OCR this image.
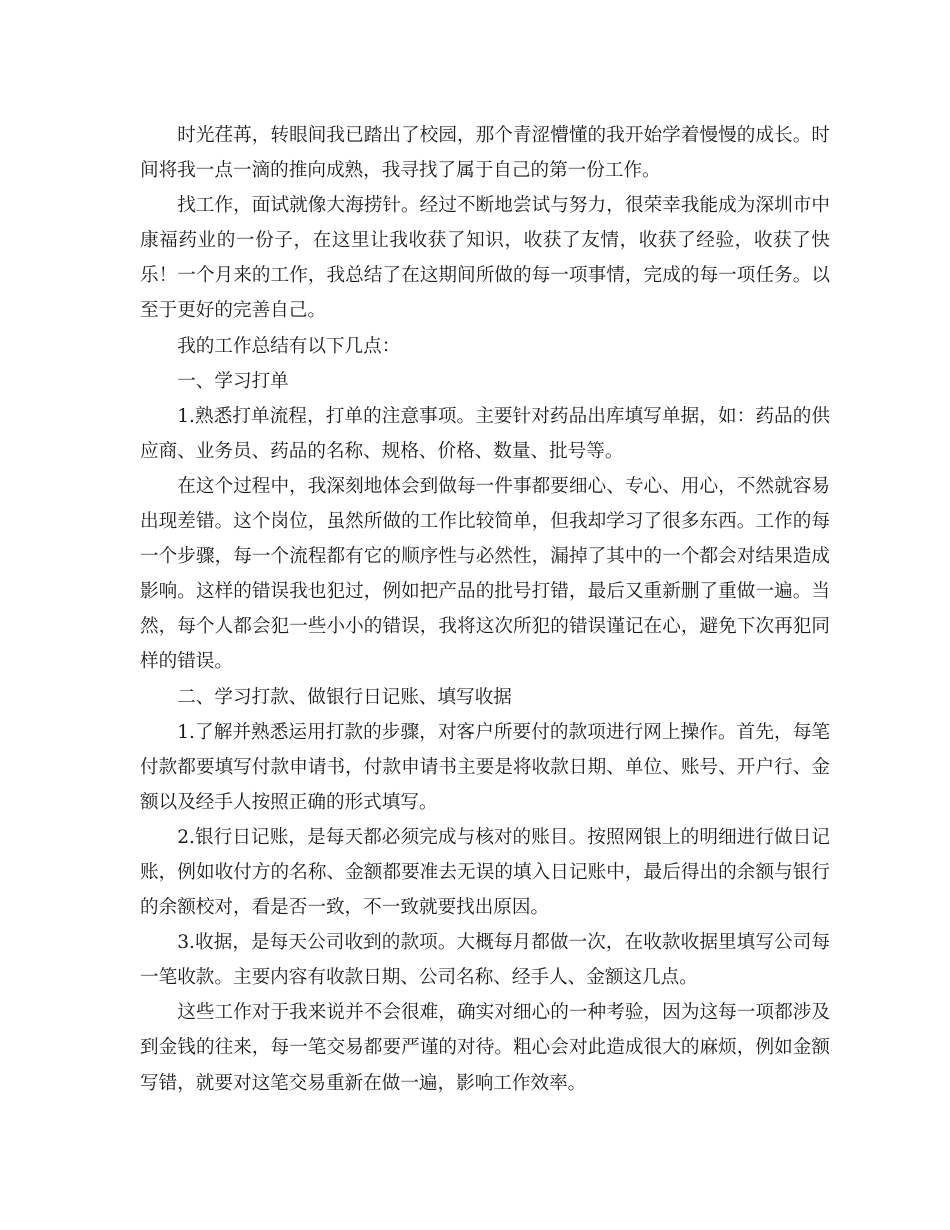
时光荏苒，转眼间我已踏出了校园，那个青涩懵懂的我开始学着慢慢的成长。时间将我一点一滴的推向成熟，我寻找了属于自己的第一份工作。

找工作，面试就像大海捞针。经过不断地尝试与努力，很荣幸我能成为深圳市中康福药业的一份子，在这里让我收获了知识，收获了友情，收获了经验，收获了快乐！一个月来的工作，我总结了在这期间所做的每一项事情，完成的每一项任务。以至于更好的完善自己。

我的工作总结有以下几点：

一、学习打单

1.熟悉打单流程，打单的注意事项。主要针对药品出库填写单据，如：药品的供应商、业务员、药品的名称、规格、价格、数量、批号等。

在这个过程中，我深刻地体会到做每一件事都要细心、专心、用心，不然就容易出现差错。这个岗位，虽然所做的工作比较简单，但我却学习了很多东西。工作的每一个步骤，每一个流程都有它的顺序性与必然性，漏掉了其中的一个都会对结果造成影响。这样的错误我也犯过，例如把产品的批号打错，最后又重新删了重做一遍。当然，每个人都会犯一些小小的错误，我将这次所犯的错误谨记在心，避免下次再犯同样的错误。

二、学习打款、做银行日记账、填写收据

1.了解并熟悉运用打款的步骤，对客户所要付的款项进行网上操作。首先，每笔付款都要填写付款申请书，付款申请书主要是将收款日期、单位、账号、开户行、金额以及经手人按照正确的形式填写。

2.银行日记账，是每天都必须完成与核对的账目。按照网银上的明细进行做日记账，例如收付方的名称、金额都要准去无误的填入日记账中，最后得出的余额与银行的余额校对，看是否一致，不一致就要找出原因。

3.收据，是每天公司收到的款项。大概每月都做一次，在收款收据里填写公司每一笔收款。主要内容有收款日期、公司名称、经手人、金额这几点。

这些工作对于我来说并不会很难，确实对细心的一种考验，因为这每一项都涉及到金钱的往来，每一笔交易都要严谨的对待。粗心会对此造成很大的麻烦，例如金额写错，就要对这笔交易重新在做一遍，影响工作效率。
